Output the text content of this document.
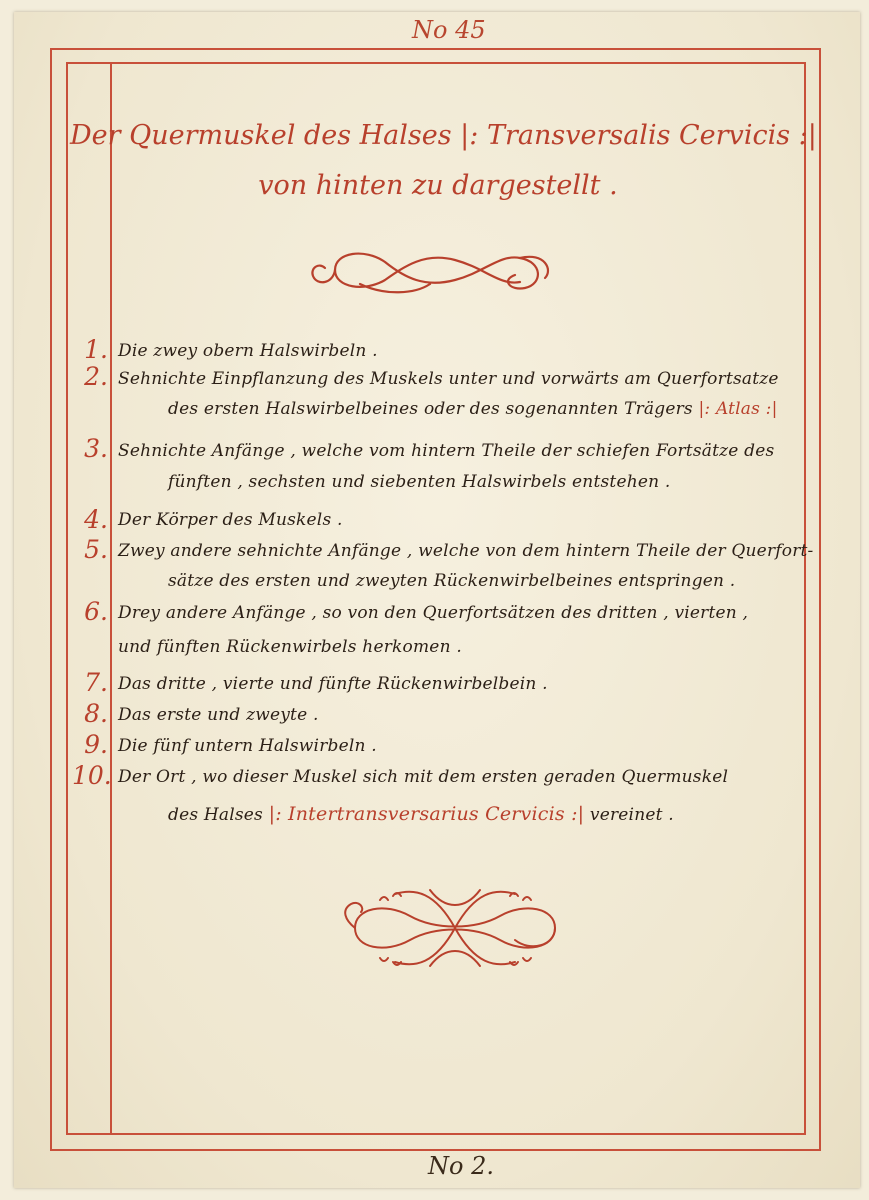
No 45
Der Quermuskel des Halses |: Transversalis Cervicis :|
von hinten zu dargestellt .
1. Die zwey obern Halswirbeln .
2. Sehnichte Einpflanzung des Muskels unter und vorwärts am Querfortsatze
des ersten Halswirbelbeines oder des sogenannten Trägers |: Atlas :|
3. Sehnichte Anfänge , welche vom hintern Theile der schiefen Fortsätze des
fünften , sechsten und siebenten Halswirbels entstehen .
4. Der Körper des Muskels .
5. Zwey andere sehnichte Anfänge , welche von dem hintern Theile der Querfort-
sätze des ersten und zweyten Rückenwirbelbeines entspringen .
6. Drey andere Anfänge , so von den Querfortsätzen des dritten , vierten ,
und fünften Rückenwirbels herkomen .
7. Das dritte , vierte und fünfte Rückenwirbelbein .
8. Das erste und zweyte .
9. Die fünf untern Halswirbeln .
10. Der Ort , wo dieser Muskel sich mit dem ersten geraden Quermuskel
des Halses |: Intertransversarius Cervicis :| vereinet .
No 2.
